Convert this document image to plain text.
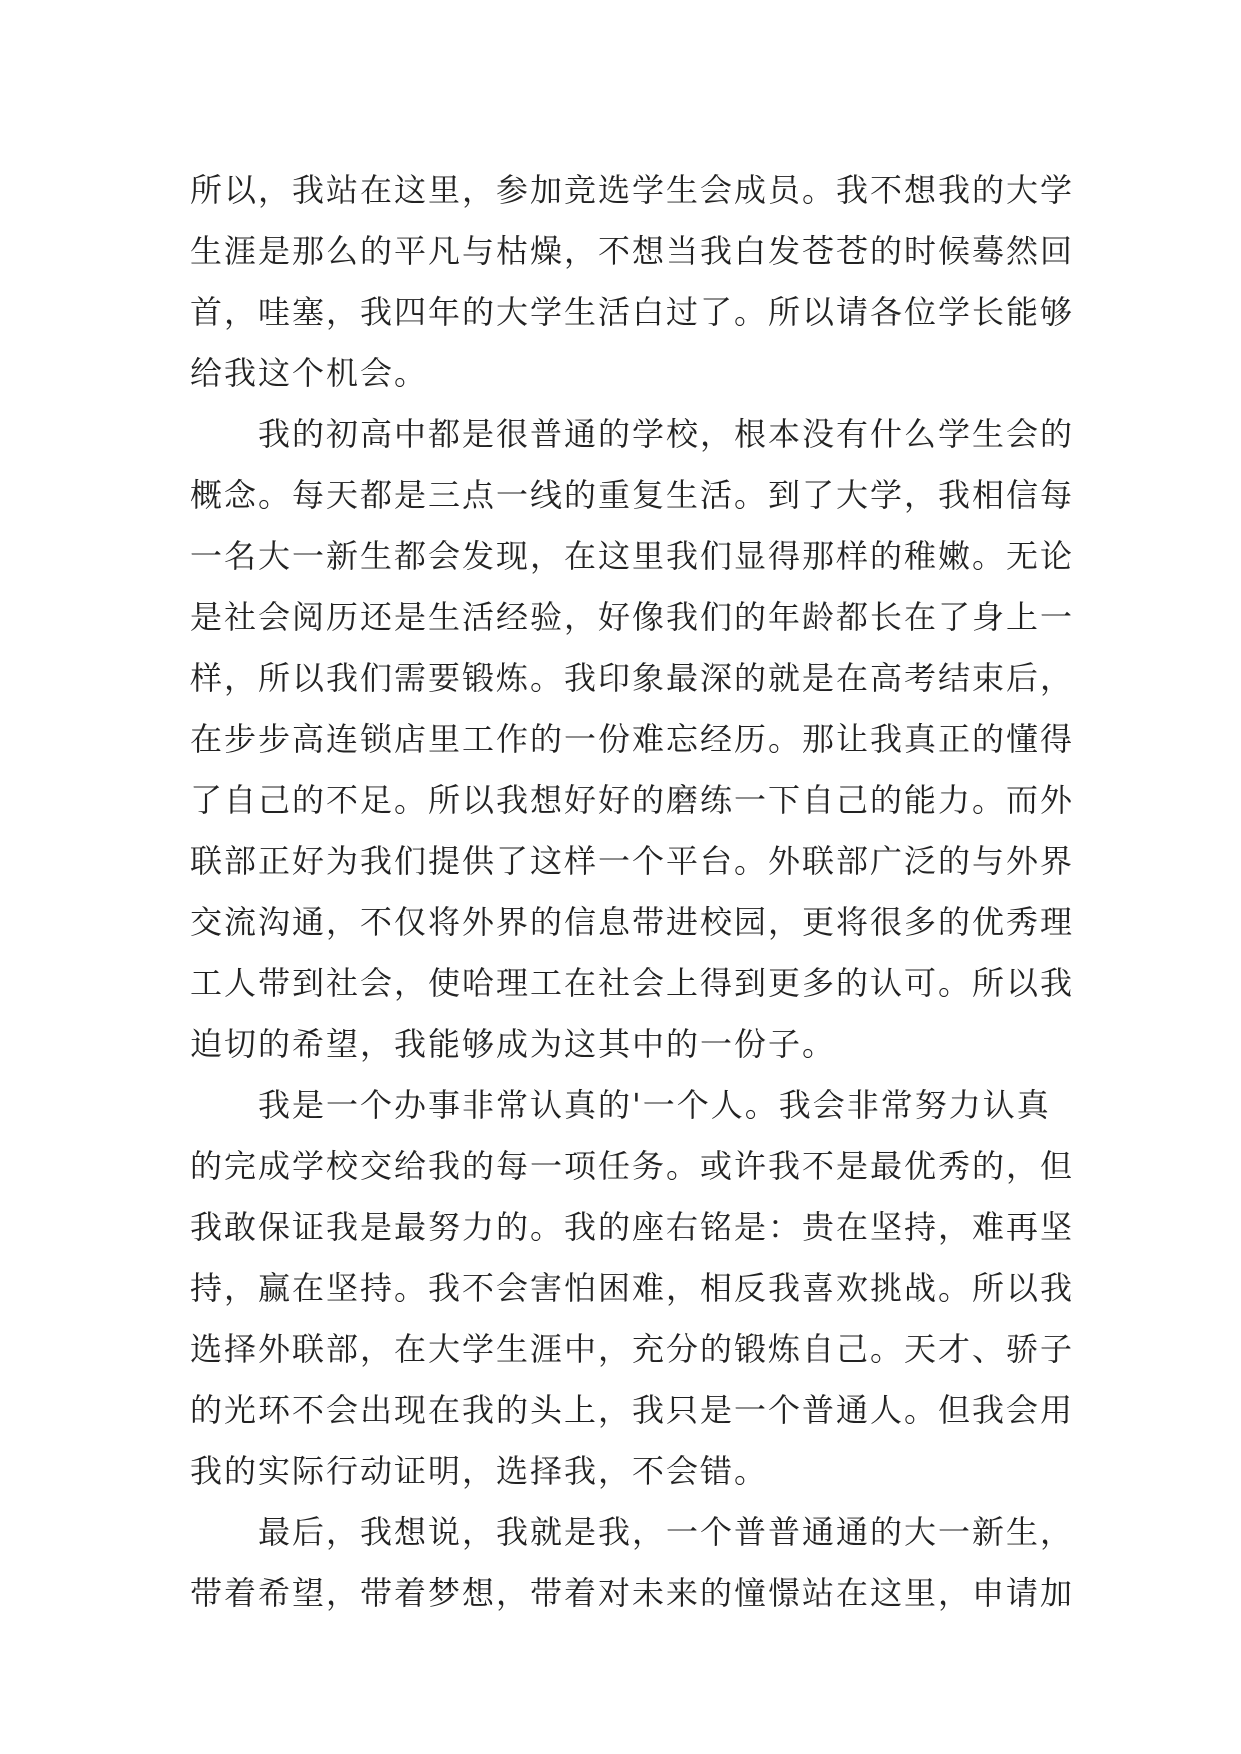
所以，我站在这里，参加竞选学生会成员。我不想我的大学
生涯是那么的平凡与枯燥，不想当我白发苍苍的时候蓦然回
首，哇塞，我四年的大学生活白过了。所以请各位学长能够
给我这个机会。
我的初高中都是很普通的学校，根本没有什么学生会的
概念。每天都是三点一线的重复生活。到了大学，我相信每
一名大一新生都会发现，在这里我们显得那样的稚嫩。无论
是社会阅历还是生活经验，好像我们的年龄都长在了身上一
样，所以我们需要锻炼。我印象最深的就是在高考结束后，
在步步高连锁店里工作的一份难忘经历。那让我真正的懂得
了自己的不足。所以我想好好的磨练一下自己的能力。而外
联部正好为我们提供了这样一个平台。外联部广泛的与外界
交流沟通，不仅将外界的信息带进校园，更将很多的优秀理
工人带到社会，使哈理工在社会上得到更多的认可。所以我
迫切的希望，我能够成为这其中的一份子。
我是一个办事非常认真的'一个人。我会非常努力认真
的完成学校交给我的每一项任务。或许我不是最优秀的，但
我敢保证我是最努力的。我的座右铭是：贵在坚持，难再坚
持，赢在坚持。我不会害怕困难，相反我喜欢挑战。所以我
选择外联部，在大学生涯中，充分的锻炼自己。天才、骄子
的光环不会出现在我的头上，我只是一个普通人。但我会用
我的实际行动证明，选择我，不会错。
最后，我想说，我就是我，一个普普通通的大一新生，
带着希望，带着梦想，带着对未来的憧憬站在这里，申请加
